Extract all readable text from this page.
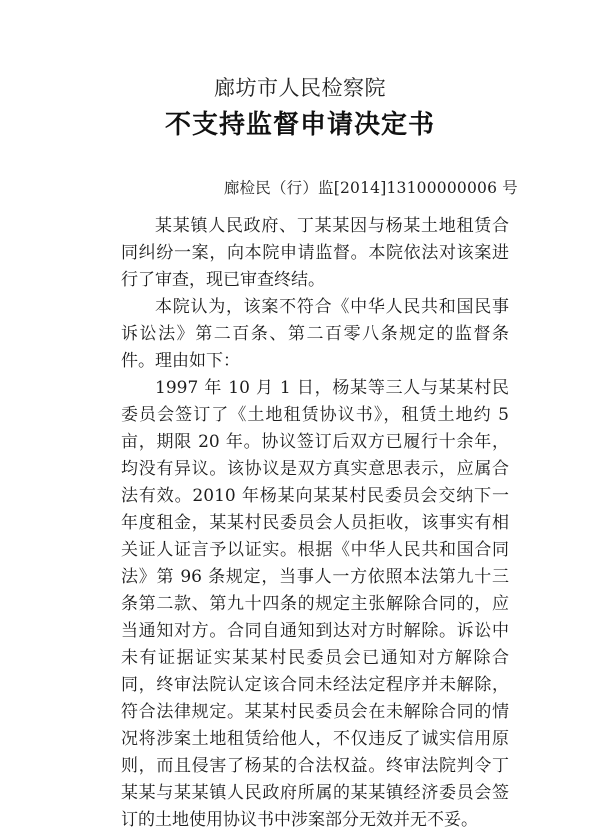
廊坊市人民检察院
不支持监督申请决定书
廊检民（行）监[2014]13100000006 号

某某镇人民政府、丁某某因与杨某土地租赁合同纠纷一案，向本院申请监督。本院依法对该案进行了审查，现已审查终结。

本院认为，该案不符合《中华人民共和国民事诉讼法》第二百条、第二百零八条规定的监督条件。理由如下：

1997 年 10 月 1 日，杨某等三人与某某村民委员会签订了《土地租赁协议书》，租赁土地约 5 亩，期限 20 年。协议签订后双方已履行十余年，均没有异议。该协议是双方真实意思表示，应属合法有效。2010 年杨某向某某村民委员会交纳下一年度租金，某某村民委员会人员拒收，该事实有相关证人证言予以证实。根据《中华人民共和国合同法》第 96 条规定，当事人一方依照本法第九十三条第二款、第九十四条的规定主张解除合同的，应当通知对方。合同自通知到达对方时解除。诉讼中未有证据证实某某村民委员会已通知对方解除合同，终审法院认定该合同未经法定程序并未解除，符合法律规定。某某村民委员会在未解除合同的情况将涉案土地租赁给他人，不仅违反了诚实信用原则，而且侵害了杨某的合法权益。终审法院判令丁某某与某某镇人民政府所属的某某镇经济委员会签订的土地使用协议书中涉案部分无效并无不妥。
